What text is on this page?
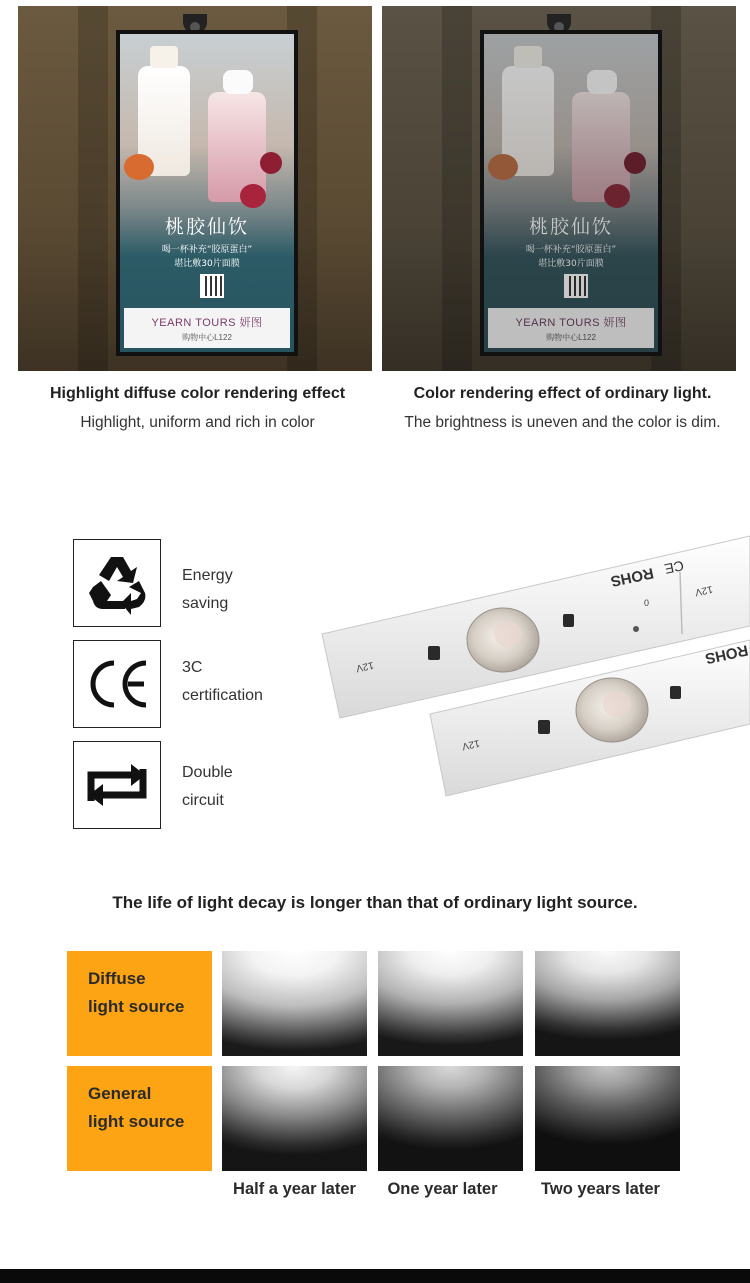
桃胶仙饮
喝一杯补充“胶原蛋白”
堪比敷30片面膜
YEARN TOURS 妍图
购物中心L122
桃胶仙饮
喝一杯补充“胶原蛋白”
堪比敷30片面膜
YEARN TOURS 妍图
购物中心L122
Highlight diffuse color rendering effect
Highlight, uniform and rich in color
Color rendering effect of ordinary light.
The brightness is uneven and the color is dim.
Energy
saving
3C
certification
Double
circuit
ROHS CE
12V
12V
0
ROHS
12V
The life of light decay is longer than that of ordinary light source.
Diffuse
light source
General
light source
Half a year later	One year later	Two years later
